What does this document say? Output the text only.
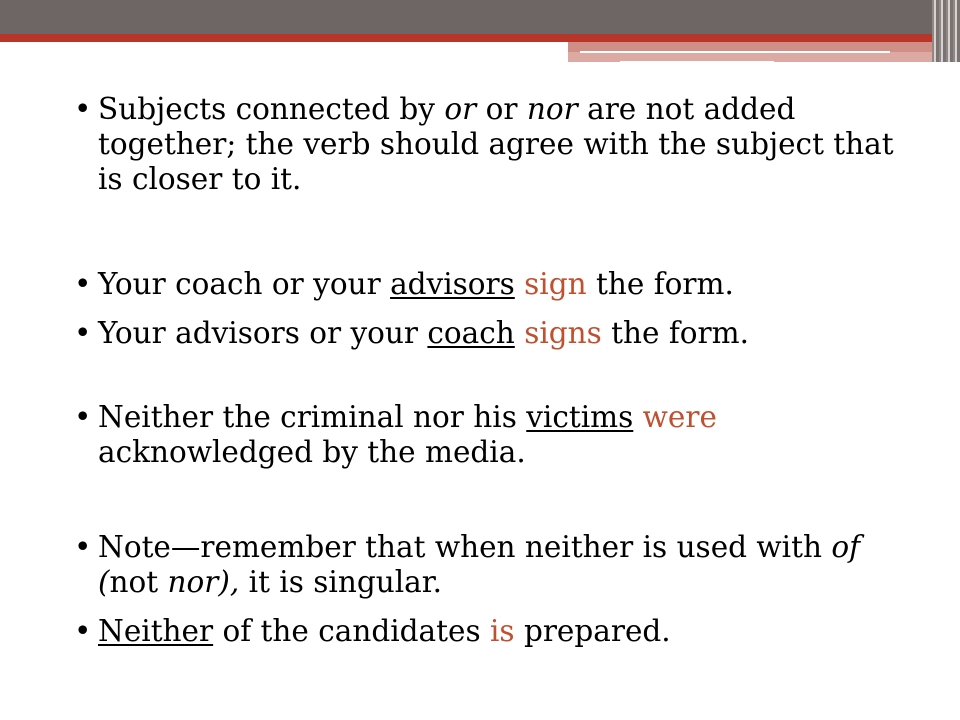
• Subjects connected by or or nor are not added together; the verb should agree with the subject that is closer to it.
• Your coach or your advisors sign the form.
• Your advisors or your coach signs the form.
• Neither the criminal nor his victims were acknowledged by the media.
• Note—remember that when neither is used with of (not nor), it is singular.
• Neither of the candidates is prepared.
